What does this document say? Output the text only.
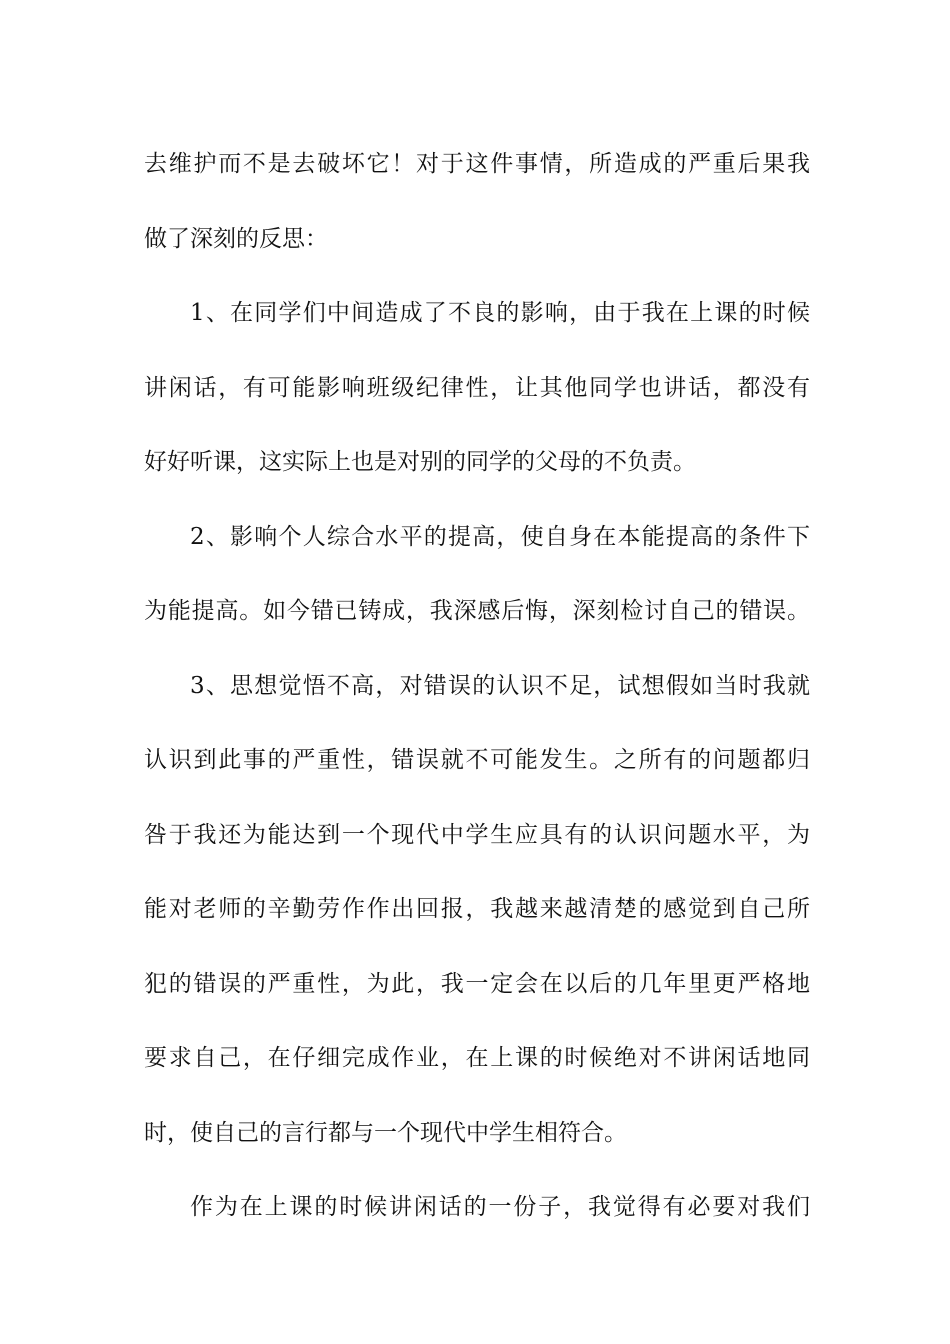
去维护而不是去破坏它！对于这件事情，所造成的严重后果我
做了深刻的反思：
1、在同学们中间造成了不良的影响，由于我在上课的时候
讲闲话，有可能影响班级纪律性，让其他同学也讲话，都没有
好好听课，这实际上也是对别的同学的父母的不负责。
2、影响个人综合水平的提高，使自身在本能提高的条件下
为能提高。如今错已铸成，我深感后悔，深刻检讨自己的错误。
3、思想觉悟不高，对错误的认识不足，试想假如当时我就
认识到此事的严重性，错误就不可能发生。之所有的问题都归
咎于我还为能达到一个现代中学生应具有的认识问题水平，为
能对老师的辛勤劳作作出回报，我越来越清楚的感觉到自己所
犯的错误的严重性，为此，我一定会在以后的几年里更严格地
要求自己，在仔细完成作业，在上课的时候绝对不讲闲话地同
时，使自己的言行都与一个现代中学生相符合。
作为在上课的时候讲闲话的一份子，我觉得有必要对我们
